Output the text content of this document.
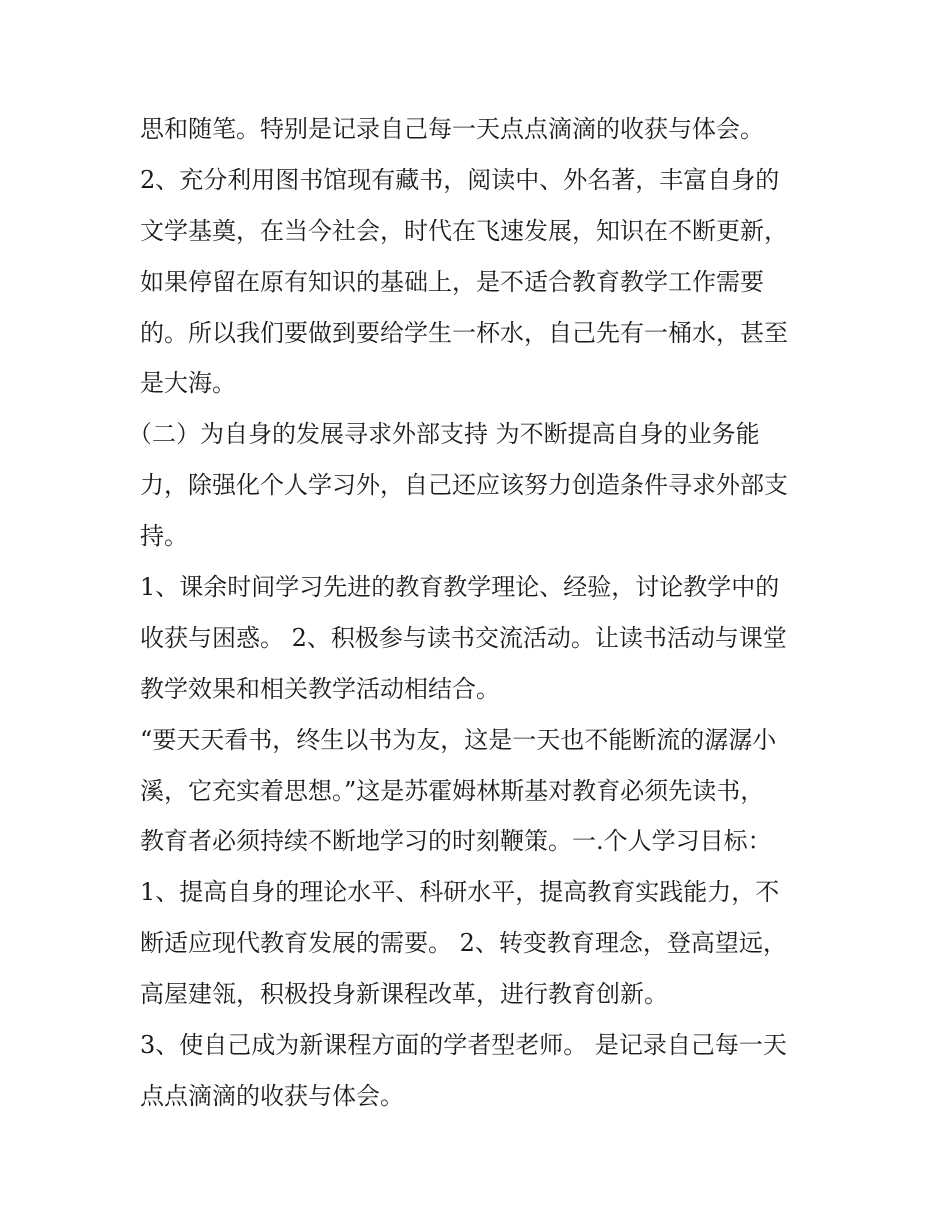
思和随笔。特别是记录自己每一天点点滴滴的收获与体会。
2、充分利用图书馆现有藏书，阅读中、外名著，丰富自身的
文学基奠，在当今社会，时代在飞速发展，知识在不断更新，
如果停留在原有知识的基础上，是不适合教育教学工作需要
的。所以我们要做到要给学生一杯水，自己先有一桶水，甚至
是大海。
（二）为自身的发展寻求外部支持 为不断提高自身的业务能
力，除强化个人学习外，自己还应该努力创造条件寻求外部支
持。
1、课余时间学习先进的教育教学理论、经验，讨论教学中的
收获与困惑。 2、积极参与读书交流活动。让读书活动与课堂
教学效果和相关教学活动相结合。
“要天天看书，终生以书为友，这是一天也不能断流的潺潺小
溪，它充实着思想。”这是苏霍姆林斯基对教育必须先读书，
教育者必须持续不断地学习的时刻鞭策。一.个人学习目标：
1、提高自身的理论水平、科研水平，提高教育实践能力，不
断适应现代教育发展的需要。 2、转变教育理念，登高望远，
高屋建瓴，积极投身新课程改革，进行教育创新。
3、使自己成为新课程方面的学者型老师。 是记录自己每一天
点点滴滴的收获与体会。
